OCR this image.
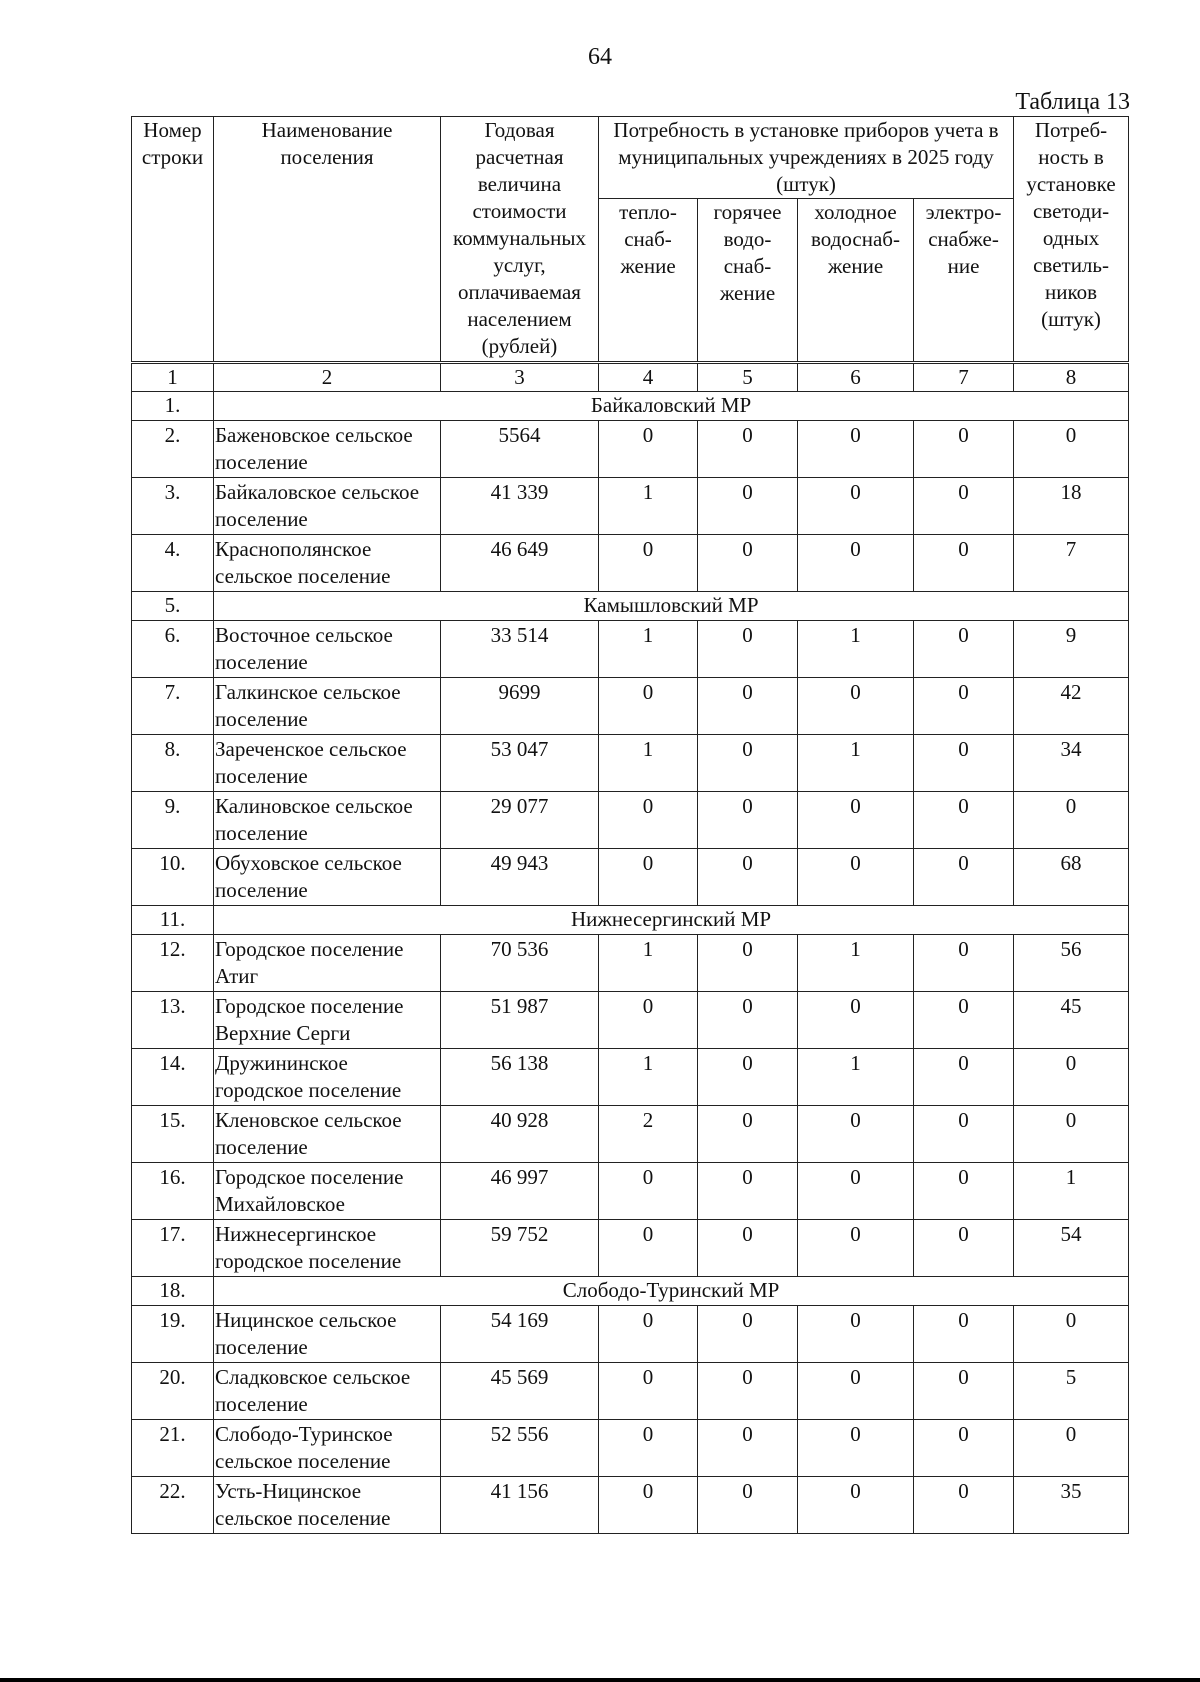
64
Таблица 13
Номер строки	Наименование поселения	Годовая расчетная величина стоимости коммунальных услуг, оплачиваемая населением (рублей)	Потребность в установке приборов учета в муниципальных учреждениях в 2025 году (штук)				Потреб- ность в установке светоди- одных светиль- ников (штук)
			тепло- снаб- жение	горячее водо- снаб- жение	холодное водоснаб- жение	электро- снабже- ние	
1	2	3	4	5	6	7	8
1.	Байкаловский МР						
2.	Баженовское сельское поселение	5564	0	0	0	0	0
3.	Байкаловское сельское поселение	41 339	1	0	0	0	18
4.	Краснополянское сельское поселение	46 649	0	0	0	0	7
5.	Камышловский МР						
6.	Восточное сельское поселение	33 514	1	0	1	0	9
7.	Галкинское сельское поселение	9699	0	0	0	0	42
8.	Зареченское сельское поселение	53 047	1	0	1	0	34
9.	Калиновское сельское поселение	29 077	0	0	0	0	0
10.	Обуховское сельское поселение	49 943	0	0	0	0	68
11.	Нижнесергинский МР						
12.	Городское поселение Атиг	70 536	1	0	1	0	56
13.	Городское поселение Верхние Серги	51 987	0	0	0	0	45
14.	Дружининское городское поселение	56 138	1	0	1	0	0
15.	Кленовское сельское поселение	40 928	2	0	0	0	0
16.	Городское поселение Михайловское	46 997	0	0	0	0	1
17.	Нижнесергинское городское поселение	59 752	0	0	0	0	54
18.	Слободо-Туринский МР						
19.	Ницинское сельское поселение	54 169	0	0	0	0	0
20.	Сладковское сельское поселение	45 569	0	0	0	0	5
21.	Слободо-Туринское сельское поселение	52 556	0	0	0	0	0
22.	Усть-Ницинское сельское поселение	41 156	0	0	0	0	35
